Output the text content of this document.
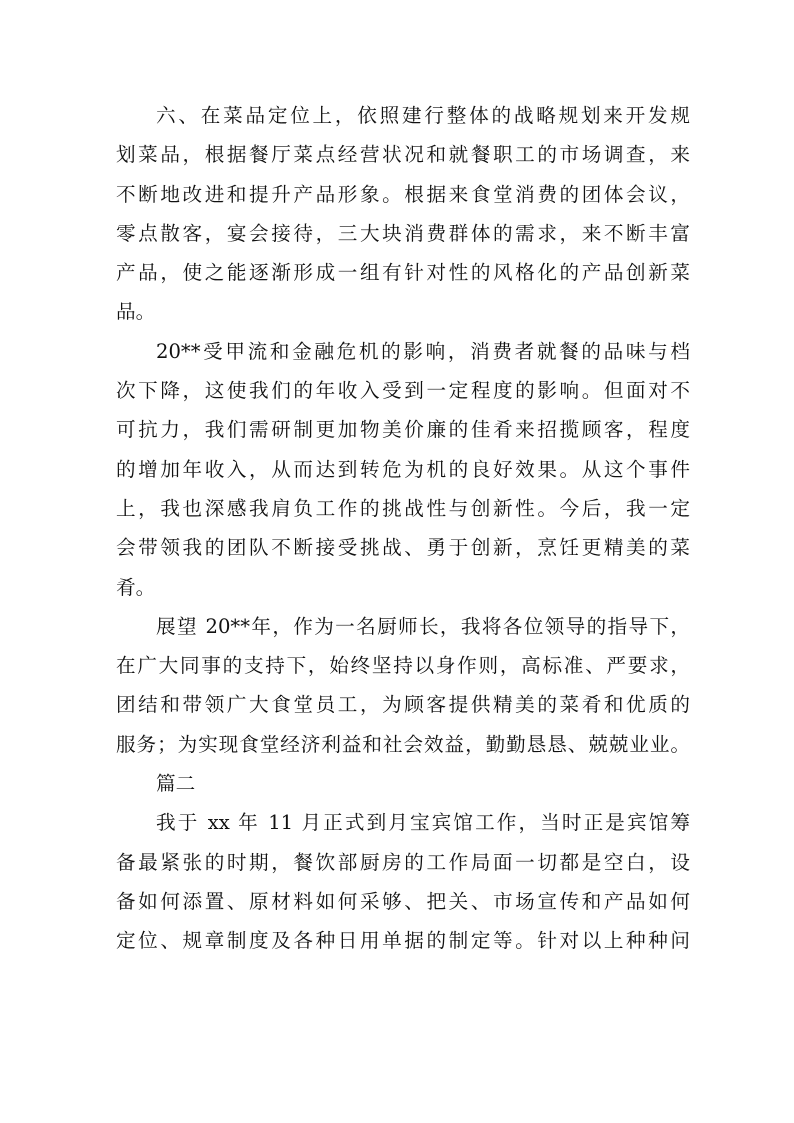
六、在菜品定位上，依照建行整体的战略规划来开发规
划菜品，根据餐厅菜点经营状况和就餐职工的市场调查，来
不断地改进和提升产品形象。根据来食堂消费的团体会议，
零点散客，宴会接待，三大块消费群体的需求，来不断丰富
产品，使之能逐渐形成一组有针对性的风格化的产品创新菜
品。
20**受甲流和金融危机的影响，消费者就餐的品味与档
次下降，这使我们的年收入受到一定程度的影响。但面对不
可抗力，我们需研制更加物美价廉的佳肴来招揽顾客，程度
的增加年收入，从而达到转危为机的良好效果。从这个事件
上，我也深感我肩负工作的挑战性与创新性。今后，我一定
会带领我的团队不断接受挑战、勇于创新，烹饪更精美的菜
肴。
展望 20**年，作为一名厨师长，我将各位领导的指导下，
在广大同事的支持下，始终坚持以身作则，高标准、严要求，
团结和带领广大食堂员工，为顾客提供精美的菜肴和优质的
服务；为实现食堂经济利益和社会效益，勤勤恳恳、兢兢业业。
篇二
我于 xx 年 11 月正式到月宝宾馆工作，当时正是宾馆筹
备最紧张的时期，餐饮部厨房的工作局面一切都是空白，设
备如何添置、原材料如何采够、把关、市场宣传和产品如何
定位、规章制度及各种日用单据的制定等。针对以上种种问
